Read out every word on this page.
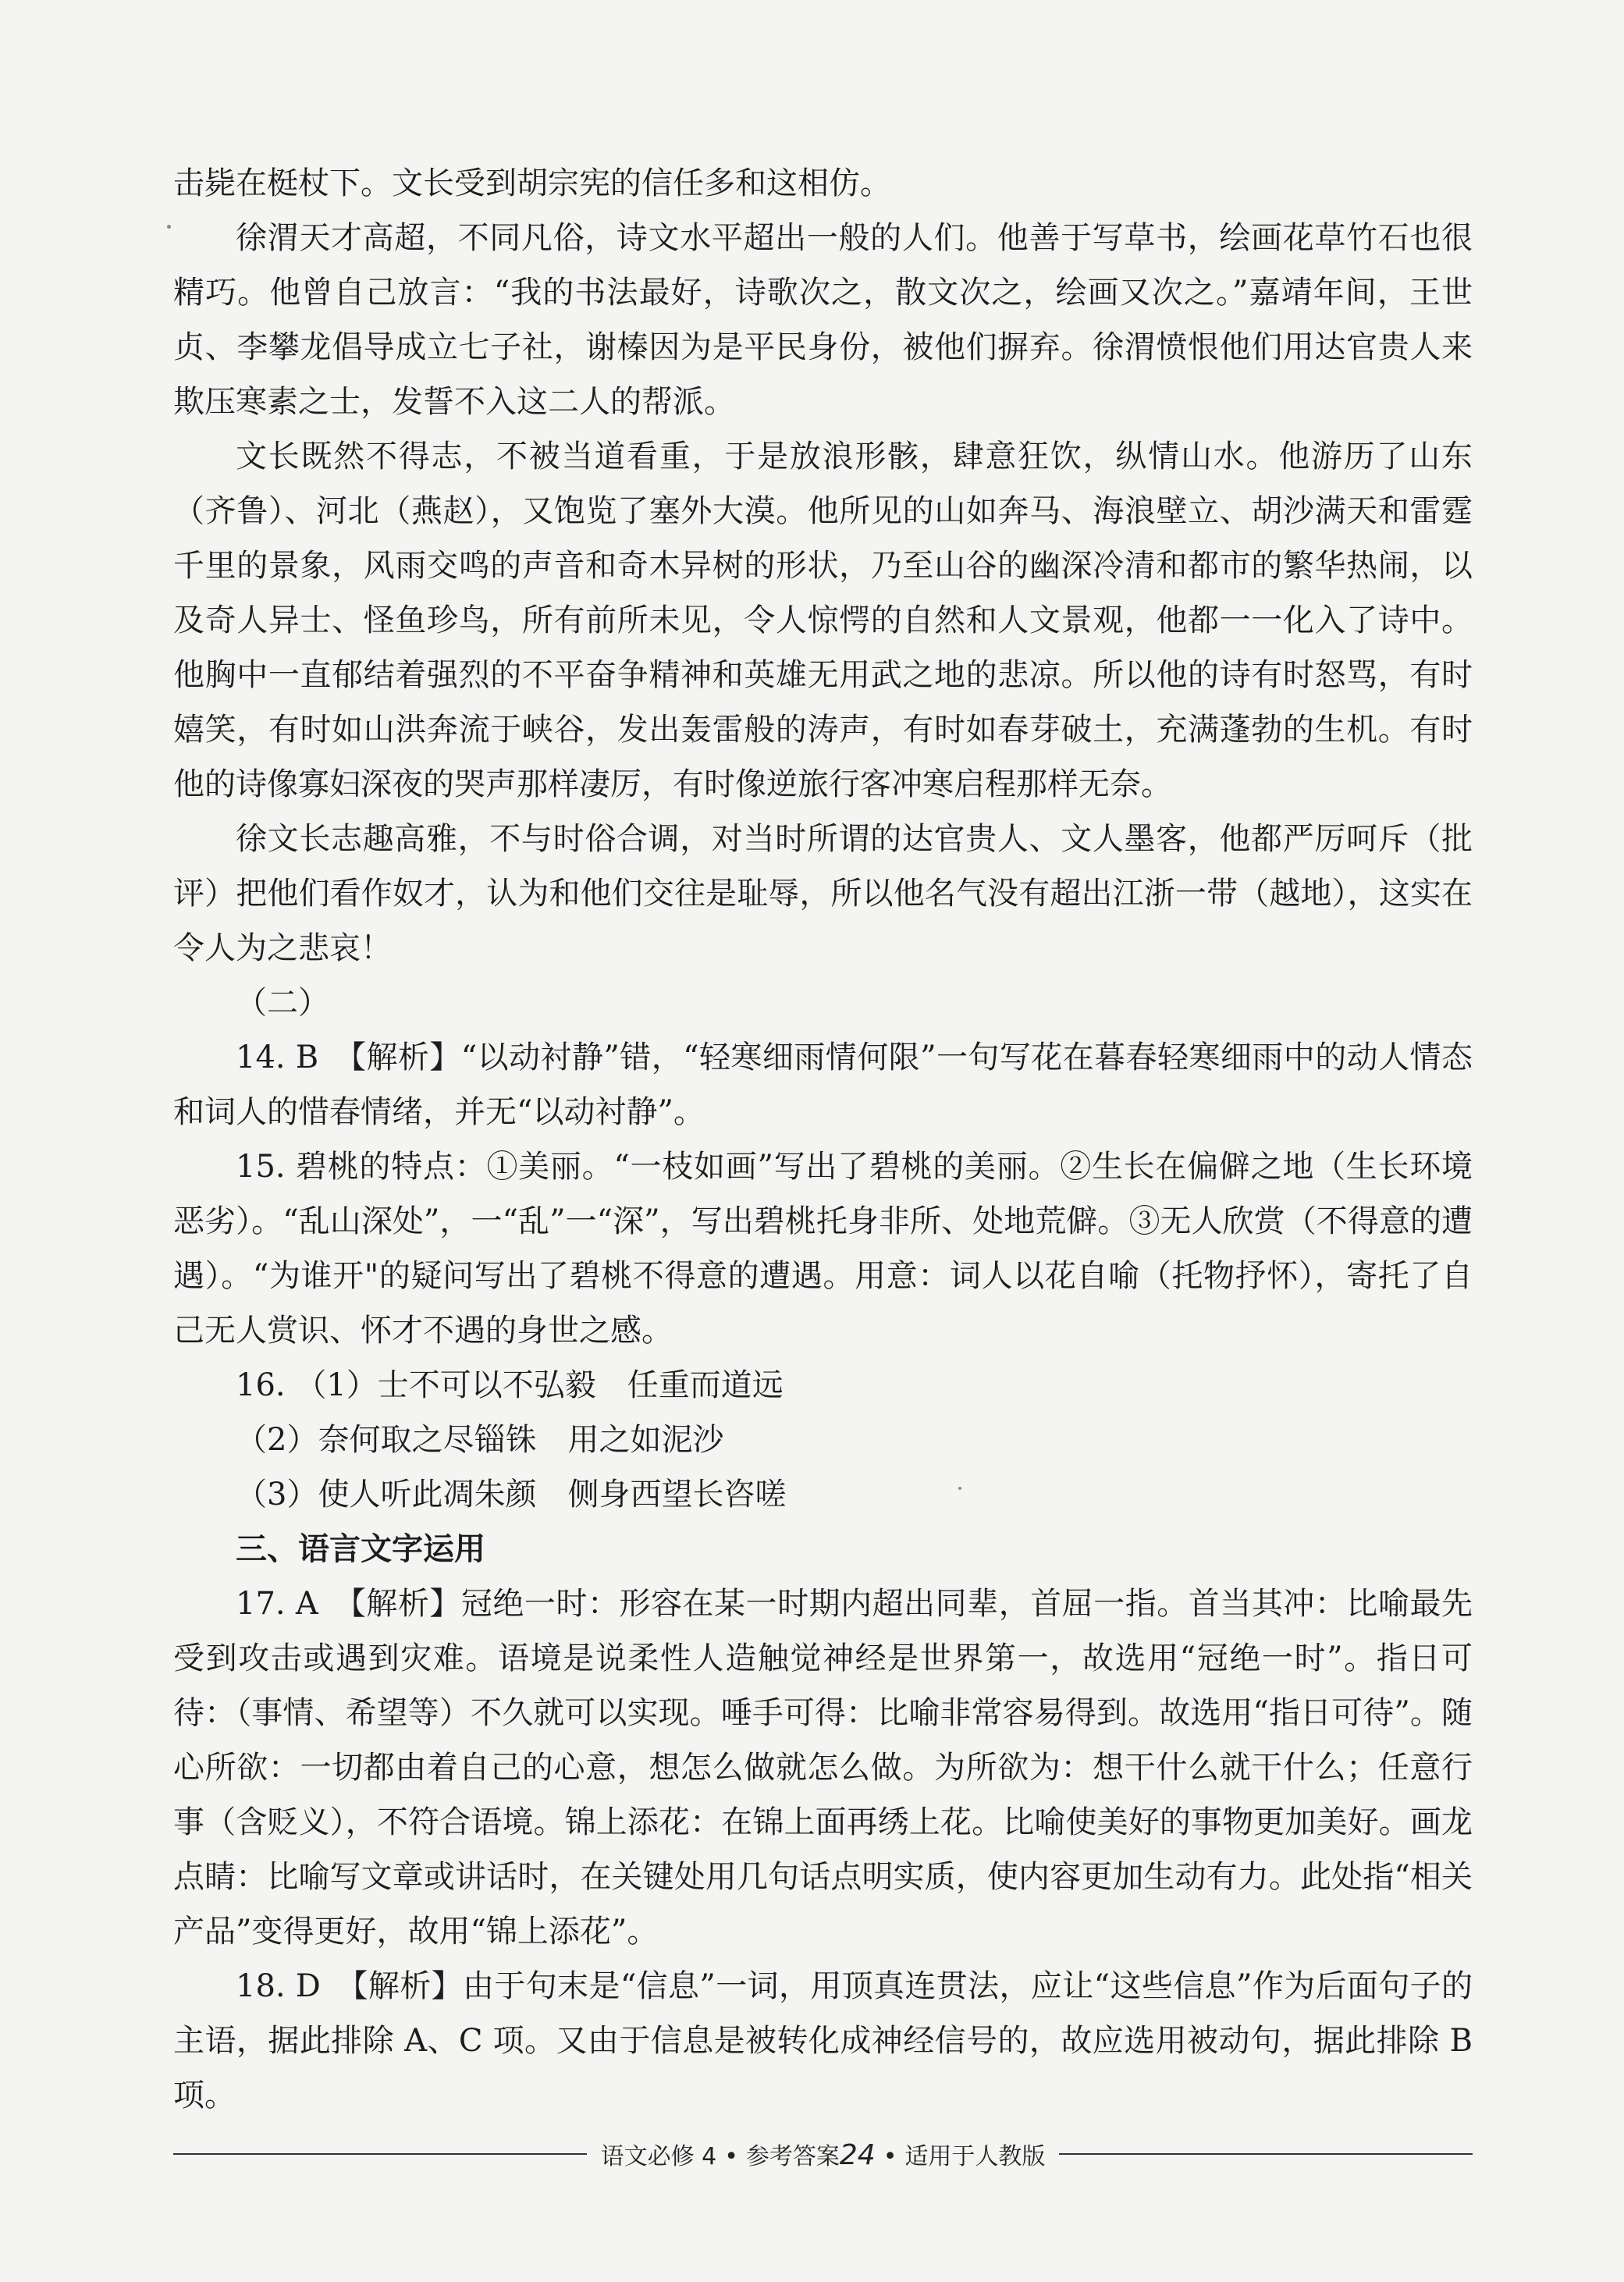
击毙在梃杖下。文长受到胡宗宪的信任多和这相仿。

徐渭天才高超，不同凡俗，诗文水平超出一般的人们。他善于写草书，绘画花草竹石也很精巧。他曾自己放言：“我的书法最好，诗歌次之，散文次之，绘画又次之。”嘉靖年间，王世贞、李攀龙倡导成立七子社，谢榛因为是平民身份，被他们摒弃。徐渭愤恨他们用达官贵人来欺压寒素之士，发誓不入这二人的帮派。

文长既然不得志，不被当道看重，于是放浪形骸，肆意狂饮，纵情山水。他游历了山东（齐鲁）、河北（燕赵），又饱览了塞外大漠。他所见的山如奔马、海浪壁立、胡沙满天和雷霆千里的景象，风雨交鸣的声音和奇木异树的形状，乃至山谷的幽深冷清和都市的繁华热闹，以及奇人异士、怪鱼珍鸟，所有前所未见，令人惊愕的自然和人文景观，他都一一化入了诗中。他胸中一直郁结着强烈的不平奋争精神和英雄无用武之地的悲凉。所以他的诗有时怒骂，有时嬉笑，有时如山洪奔流于峡谷，发出轰雷般的涛声，有时如春芽破土，充满蓬勃的生机。有时他的诗像寡妇深夜的哭声那样凄厉，有时像逆旅行客冲寒启程那样无奈。

徐文长志趣高雅，不与时俗合调，对当时所谓的达官贵人、文人墨客，他都严厉呵斥（批评）把他们看作奴才，认为和他们交往是耻辱，所以他名气没有超出江浙一带（越地），这实在令人为之悲哀！

（二）

14. B　【解析】“以动衬静”错，“轻寒细雨情何限”一句写花在暮春轻寒细雨中的动人情态和词人的惜春情绪，并无“以动衬静”。

15. 碧桃的特点：①美丽。“一枝如画”写出了碧桃的美丽。②生长在偏僻之地（生长环境恶劣）。“乱山深处”，一“乱”一“深”，写出碧桃托身非所、处地荒僻。③无人欣赏（不得意的遭遇）。“为谁开"的疑问写出了碧桃不得意的遭遇。用意：词人以花自喻（托物抒怀），寄托了自己无人赏识、怀才不遇的身世之感。

16. （1）士不可以不弘毅　任重而道远

（2）奈何取之尽锱铢　用之如泥沙

（3）使人听此凋朱颜　侧身西望长咨嗟

三、语言文字运用

17. A　【解析】冠绝一时：形容在某一时期内超出同辈，首屈一指。首当其冲：比喻最先受到攻击或遇到灾难。语境是说柔性人造触觉神经是世界第一，故选用“冠绝一时”。指日可待：（事情、希望等）不久就可以实现。唾手可得：比喻非常容易得到。故选用“指日可待”。随心所欲：一切都由着自己的心意，想怎么做就怎么做。为所欲为：想干什么就干什么；任意行事（含贬义），不符合语境。锦上添花：在锦上面再绣上花。比喻使美好的事物更加美好。画龙点睛：比喻写文章或讲话时，在关键处用几句话点明实质，使内容更加生动有力。此处指“相关产品”变得更好，故用“锦上添花”。

18. D　【解析】由于句末是“信息”一词，用顶真连贯法，应让“这些信息”作为后面句子的主语，据此排除 A、C 项。又由于信息是被转化成神经信号的，故应选用被动句，据此排除 B 项。

语文必修 4 • 参考答案24 • 适用于人教版
